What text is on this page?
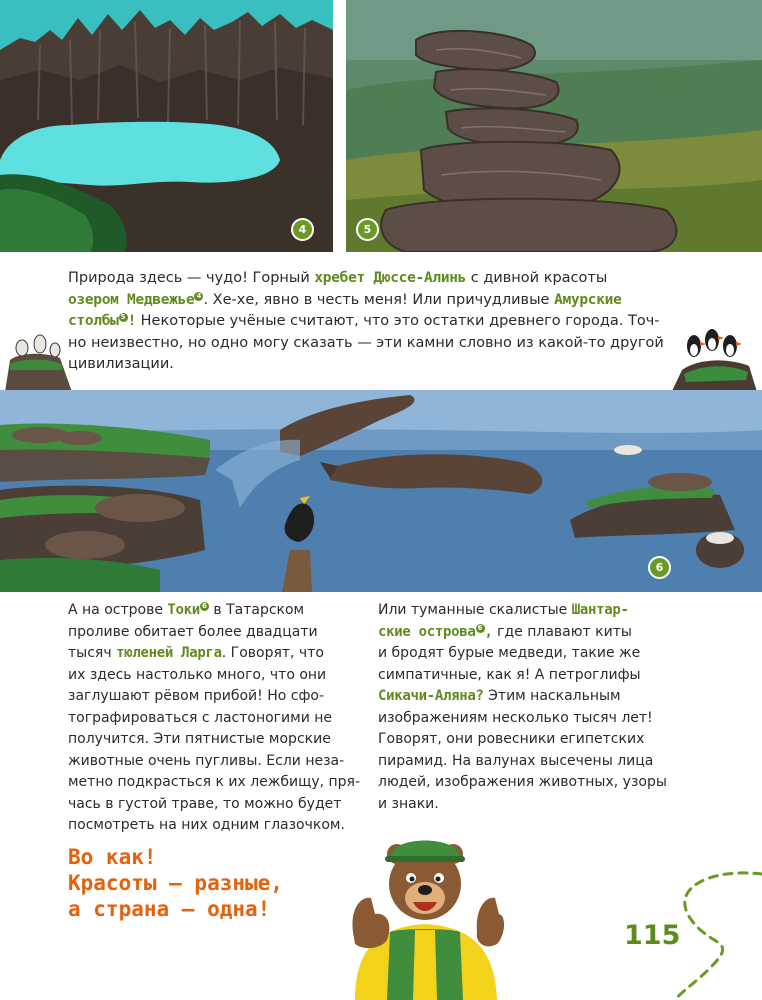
4	5

Природа здесь — чудо! Горный хребет Дюссе-Алинь с дивной красоты

озером Медвежье 4 . Хе-хе, явно в честь меня! Или причудливые Амурские

столбы 5 ! Некоторые учёные считают, что это остатки древнего города. Точ-

но неизвестно, но одно могу сказать — эти камни словно из какой-то другой

цивилизации.

6

А на острове Токи 6 в Татарском

проливе обитает более двадцати

тысяч тюленей Ларга. Говорят, что

их здесь настолько много, что они

заглушают рёвом прибой! Но сфо-

тографироваться с ластоногими не

получится. Эти пятнистые морские

животные очень пугливы. Если неза-

метно подкрасться к их лежбищу, пря-

чась в густой траве, то можно будет

посмотреть на них одним глазочком.

Или туманные скалистые Шантар-

ские острова 6 , где плавают киты

и бродят бурые медведи, такие же

симпатичные, как я! А петроглифы

Сикачи-Аляна? Этим наскальным

изображениям несколько тысяч лет!

Говорят, они ровесники египетских

пирамид. На валунах высечены лица

людей, изображения животных, узоры

и знаки.

Во как!
Красоты — разные,
а страна — одна!
115
